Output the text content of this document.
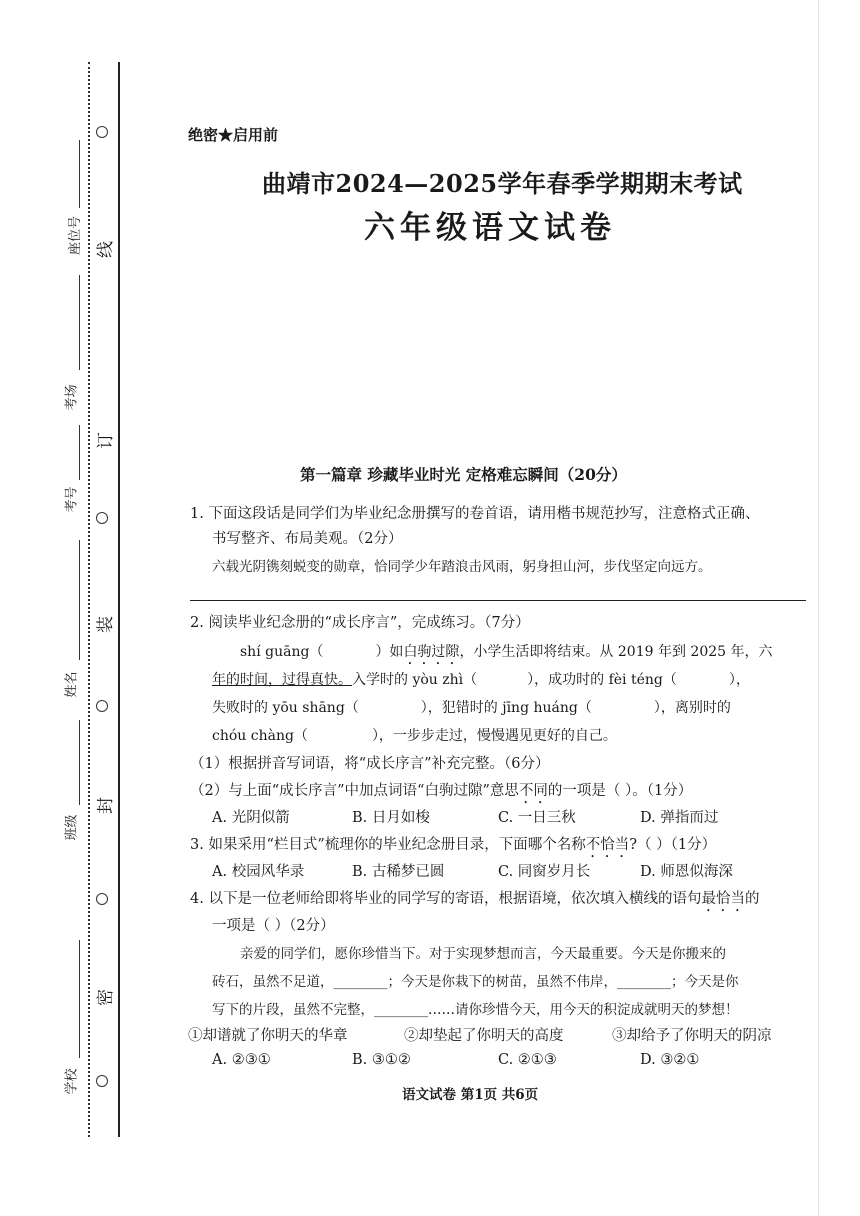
线
订
装
封
密
座位号
考场
考号
姓名
班级
学校
绝密★启用前
曲靖市2024—2025学年春季学期期末考试
六年级语文试卷
第一篇章 珍藏毕业时光 定格难忘瞬间（20分）
1. 下面这段话是同学们为毕业纪念册撰写的卷首语，请用楷书规范抄写，注意格式正确、
书写整齐、布局美观。（2分）
六载光阴镌刻蜕变的勋章，恰同学少年踏浪击风雨，躬身担山河，步伐坚定向远方。
2. 阅读毕业纪念册的“成长序言”，完成练习。（7分）
shí guāng（	）如白驹过隙，小学生活即将结束。从 2019 年到 2025 年，六
年的时间，过得真快。入学时的 yòu zhì（	），成功时的 fèi téng（	），
失败时的 yōu shāng（	），犯错时的 jīng huáng（	），离别时的
chóu chàng（	），一步步走过，慢慢遇见更好的自己。
（1）根据拼音写词语，将“成长序言”补充完整。（6分）
（2）与上面“成长序言”中加点词语“白驹过隙”意思不同的一项是（ ）。（1分）
A. 光阴似箭	B. 日月如梭	C. 一日三秋	D. 弹指而过
3. 如果采用“栏目式”梳理你的毕业纪念册目录，下面哪个名称不恰当?（ ）（1分）
A. 校园风华录	B. 古稀梦已圆	C. 同窗岁月长	D. 师恩似海深
4. 以下是一位老师给即将毕业的同学写的寄语，根据语境，依次填入横线的语句最恰当的
一项是（ ）（2分）
亲爱的同学们，愿你珍惜当下。对于实现梦想而言，今天最重要。今天是你搬来的
砖石，虽然不足道，________；今天是你栽下的树苗，虽然不伟岸，________；今天是你
写下的片段，虽然不完整，________……请你珍惜今天，用今天的积淀成就明天的梦想！
①却谱就了你明天的华章	②却垫起了你明天的高度	③却给予了你明天的阴凉
A. ②③①	B. ③①②	C. ②①③	D. ③②①
语文试卷 第1页 共6页
